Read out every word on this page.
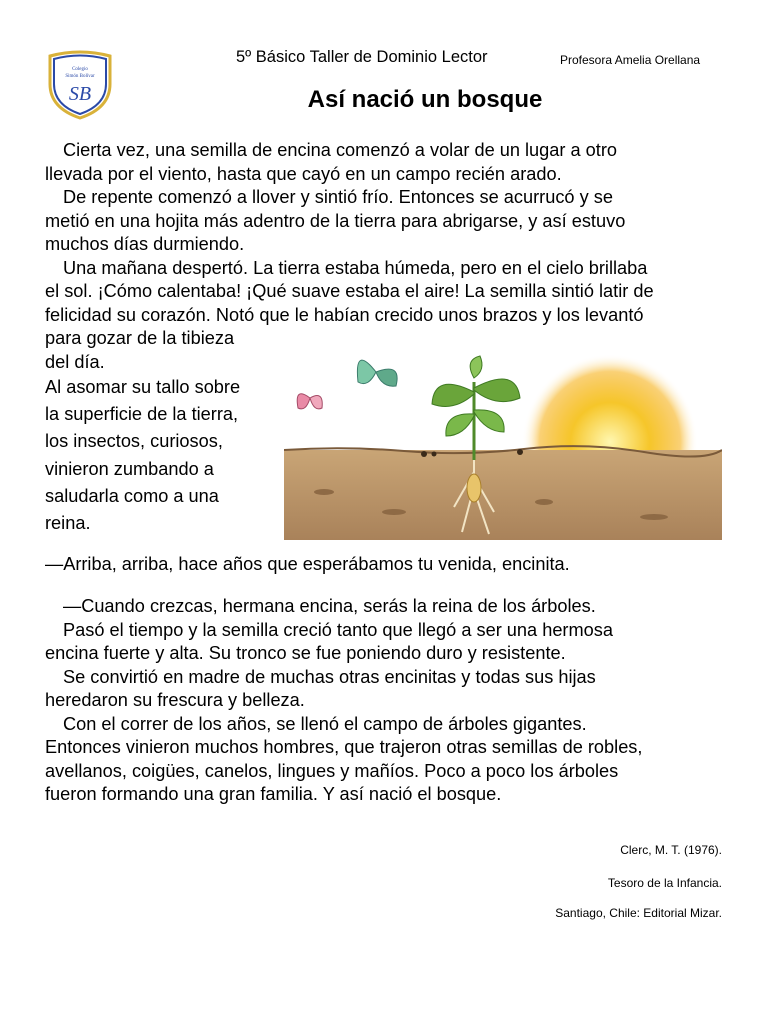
Colegio
Simón Bolívar
SB
5º Básico Taller de Dominio Lector	Profesora Amelia Orellana
Así nació un bosque
Cierta vez, una semilla de encina comenzó a volar de un lugar a otro
llevada por el viento, hasta que cayó en un campo recién arado.
De repente comenzó a llover y sintió frío. Entonces se acurrucó y se
metió en una hojita más adentro de la tierra para abrigarse, y así estuvo
muchos días durmiendo.
Una mañana despertó. La tierra estaba húmeda, pero en el cielo brillaba
el sol. ¡Cómo calentaba! ¡Qué suave estaba el aire! La semilla sintió latir de
felicidad su corazón. Notó que le habían crecido unos brazos y los levantó
para gozar de la tibieza
del día.
Al asomar su tallo sobre
la superficie de la tierra,
los insectos, curiosos,
vinieron zumbando a
saludarla como a una
reina.

—Arriba, arriba, hace años que esperábamos tu venida, encinita.

—Cuando crezcas, hermana encina, serás la reina de los árboles.
Pasó el tiempo y la semilla creció tanto que llegó a ser una hermosa
encina fuerte y alta. Su tronco se fue poniendo duro y resistente.
Se convirtió en madre de muchas otras encinitas y todas sus hijas
heredaron su frescura y belleza.
Con el correr de los años, se llenó el campo de árboles gigantes.
Entonces vinieron muchos hombres, que trajeron otras semillas de robles,
avellanos, coigües, canelos, lingues y mañíos. Poco a poco los árboles
fueron formando una gran familia. Y así nació el bosque.
Clerc, M. T. (1976).
Tesoro de la Infancia.
Santiago, Chile: Editorial Mizar.
